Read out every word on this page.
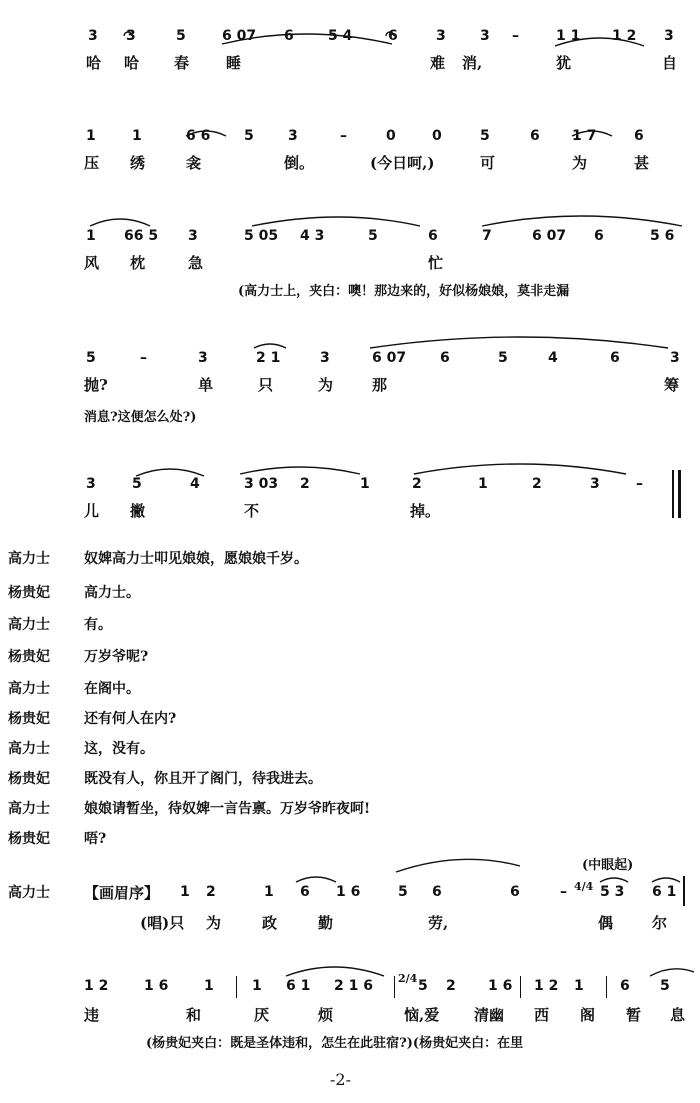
3 3	5	6 07 6 5 4	6	3 3 –	1 1 1 2 3
哈 哈 春 睡	难 消,	犹	自
1	1	6 6 5 3	–	0	0	5	6 1 7	6
压 绣	衾	倒。	(今日呵,)	可	为	甚
1 66 5 3	5 05 4 3	5	6	7	6 07 6	5 6
风 枕	急	忙
(高力士上，夹白：噢！那边来的，好似杨娘娘，莫非走漏
5	–	3	2 1	3	6 07 6	5	4	6	3
抛?	单	只	为	那	筹
消息?这便怎么处?)
3	5	4	3 03 2	1	2	1	2	3	–
儿 撇	不	掉。
高力士 奴婢高力士叩见娘娘，愿娘娘千岁。
杨贵妃 高力士。
高力士 有。
杨贵妃 万岁爷呢?
高力士 在阁中。
杨贵妃 还有何人在内?
高力士 这，没有。
杨贵妃 既没有人，你且开了阁门，待我进去。
高力士 娘娘请暂坐，待奴婢一言告禀。万岁爷昨夜呵!
杨贵妃 唔?
(中眼起)
高力士	【画眉序】 1 2	1 6 1 6	5 6	6	– 4/4 5 3 6 1
(唱)只 为	政	勤	劳,	偶	尔
1 2	1 6	1	1 6 1 2 1 6 2/4 5 2 1 6 1 2 1	6 5
违	和	厌	烦	恼,爱 清幽 西 阁 暂 息
(杨贵妃夹白：既是圣体违和，怎生在此驻宿?)(杨贵妃夹白：在里
-2-
